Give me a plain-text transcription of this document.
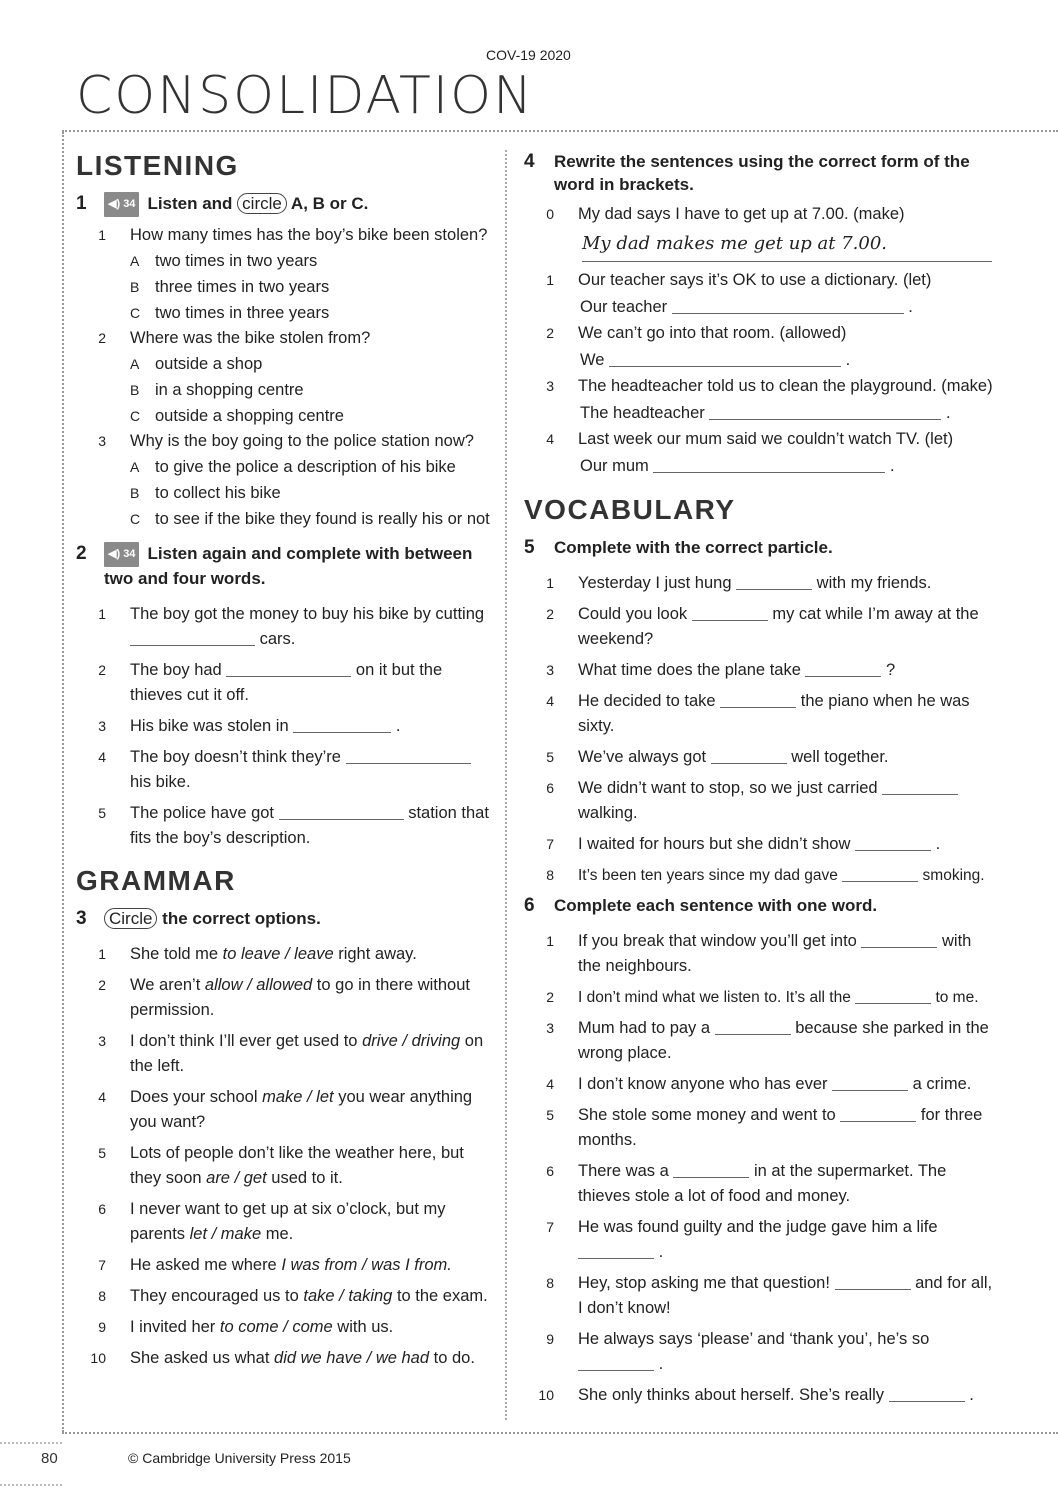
COV-19 2020
CONSOLIDATION
80	© Cambridge University Press 2015
LISTENING
1	◀) 34 Listen and circle A, B or C.
1	How many times has the boy’s bike been stolen?
A two times in two years
B three times in two years
C two times in three years
2	Where was the bike stolen from?
A outside a shop
B in a shopping centre
C outside a shopping centre
3	Why is the boy going to the police station now?
A to give the police a description of his bike
B to collect his bike
C to see if the bike they found is really his or not
2	◀) 34 Listen again and complete with between two and four words.
1	The boy got the money to buy his bike by cutting  cars.
2	The boy had	on it but the thieves cut it off.
3	His bike was stolen in	.
4	The boy doesn’t think they’re  his bike.
5	The police have got	station that fits the boy’s description.
GRAMMAR
3	Circle the correct options.
1	She told me to leave / leave right away.
2	We aren’t allow / allowed to go in there without permission.
3	I don’t think I’ll ever get used to drive / driving on the left.
4	Does your school make / let you wear anything you want?
5	Lots of people don’t like the weather here, but they soon are / get used to it.
6	I never want to get up at six o’clock, but my parents let / make me.
7	He asked me where I was from / was I from.
8	They encouraged us to take / taking to the exam.
9	I invited her to come / come with us.
10	She asked us what did we have / we had to do.
4	Rewrite the sentences using the correct form of the word in brackets.
0	My dad says I have to get up at 7.00. (make)
My dad makes me get up at 7.00.
1	Our teacher says it’s OK to use a dictionary. (let)
Our teacher	.
2	We can’t go into that room. (allowed)
We	.
3	The headteacher told us to clean the playground. (make)
The headteacher	.
4	Last week our mum said we couldn’t watch TV. (let)
Our mum	.
VOCABULARY
5	Complete with the correct particle.
1	Yesterday I just hung	with my friends.
2	Could you look	my cat while I’m away at the weekend?
3	What time does the plane take	?
4	He decided to take	the piano when he was sixty.
5	We’ve always got	well together.
6	We didn’t want to stop, so we just carried  walking.
7	I waited for hours but she didn’t show	.
8	It’s been ten years since my dad gave	smoking.
6	Complete each sentence with one word.
1	If you break that window you’ll get into	with the neighbours.
2	I don’t mind what we listen to. It’s all the	to me.
3	Mum had to pay a	because she parked in the wrong place.
4	I don’t know anyone who has ever	a crime.
5	She stole some money and went to	for three months.
6	There was a	in at the supermarket. The thieves stole a lot of food and money.
7	He was found guilty and the judge gave him a life  .
8	Hey, stop asking me that question!	and for all, I don’t know!
9	He always says ‘please’ and ‘thank you’, he’s so  .
10	She only thinks about herself. She’s really	.
